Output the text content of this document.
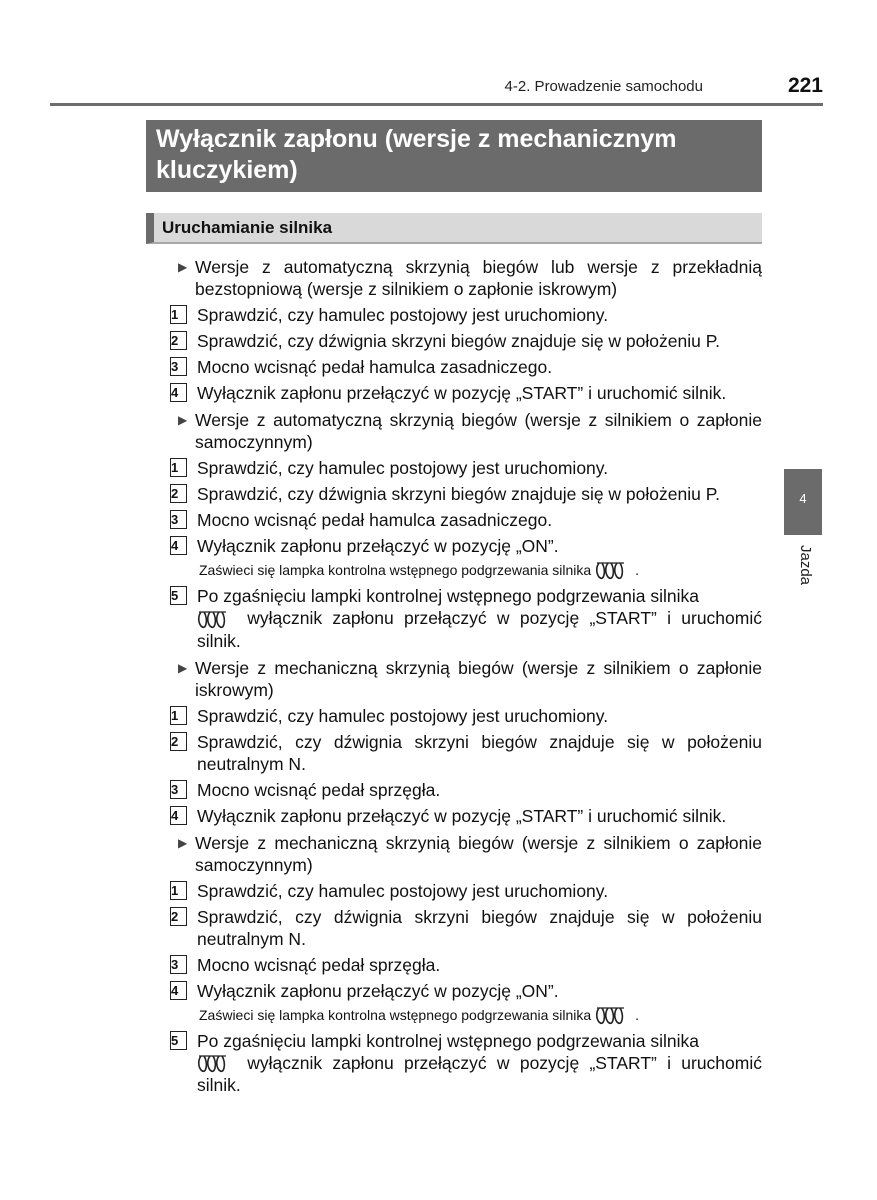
4-2. Prowadzenie samochodu	221
Wyłącznik zapłonu (wersje z mechanicznym kluczykiem)
Uruchamianie silnika
▶ Wersje z automatyczną skrzynią biegów lub wersje z przekładnią bezstopniową (wersje z silnikiem o zapłonie iskrowym)
1	Sprawdzić, czy hamulec postojowy jest uruchomiony.
2	Sprawdzić, czy dźwignia skrzyni biegów znajduje się w położeniu P.
3	Mocno wcisnąć pedał hamulca zasadniczego.
4	Wyłącznik zapłonu przełączyć w pozycję „START” i uruchomić silnik.
▶ Wersje z automatyczną skrzynią biegów (wersje z silnikiem o zapłonie samoczynnym)
1	Sprawdzić, czy hamulec postojowy jest uruchomiony.
2	Sprawdzić, czy dźwignia skrzyni biegów znajduje się w położeniu P.
3	Mocno wcisnąć pedał hamulca zasadniczego.
4	Wyłącznik zapłonu przełączyć w pozycję „ON”.
Zaświeci się lampka kontrolna wstępnego podgrzewania silnika	.
5	Po zgaśnięciu lampki kontrolnej wstępnego podgrzewania silnika

wyłącznik zapłonu przełączyć w pozycję „START” i uruchomić silnik.
▶ Wersje z mechaniczną skrzynią biegów (wersje z silnikiem o zapłonie iskrowym)
1	Sprawdzić, czy hamulec postojowy jest uruchomiony.
2	Sprawdzić, czy dźwignia skrzyni biegów znajduje się w położeniu neutralnym N.
3	Mocno wcisnąć pedał sprzęgła.
4	Wyłącznik zapłonu przełączyć w pozycję „START” i uruchomić silnik.
▶ Wersje z mechaniczną skrzynią biegów (wersje z silnikiem o zapłonie samoczynnym)
1	Sprawdzić, czy hamulec postojowy jest uruchomiony.
2	Sprawdzić, czy dźwignia skrzyni biegów znajduje się w położeniu neutralnym N.
3	Mocno wcisnąć pedał sprzęgła.
4	Wyłącznik zapłonu przełączyć w pozycję „ON”.
Zaświeci się lampka kontrolna wstępnego podgrzewania silnika	.
5	Po zgaśnięciu lampki kontrolnej wstępnego podgrzewania silnika

wyłącznik zapłonu przełączyć w pozycję „START” i uruchomić silnik.
4
Jazda
